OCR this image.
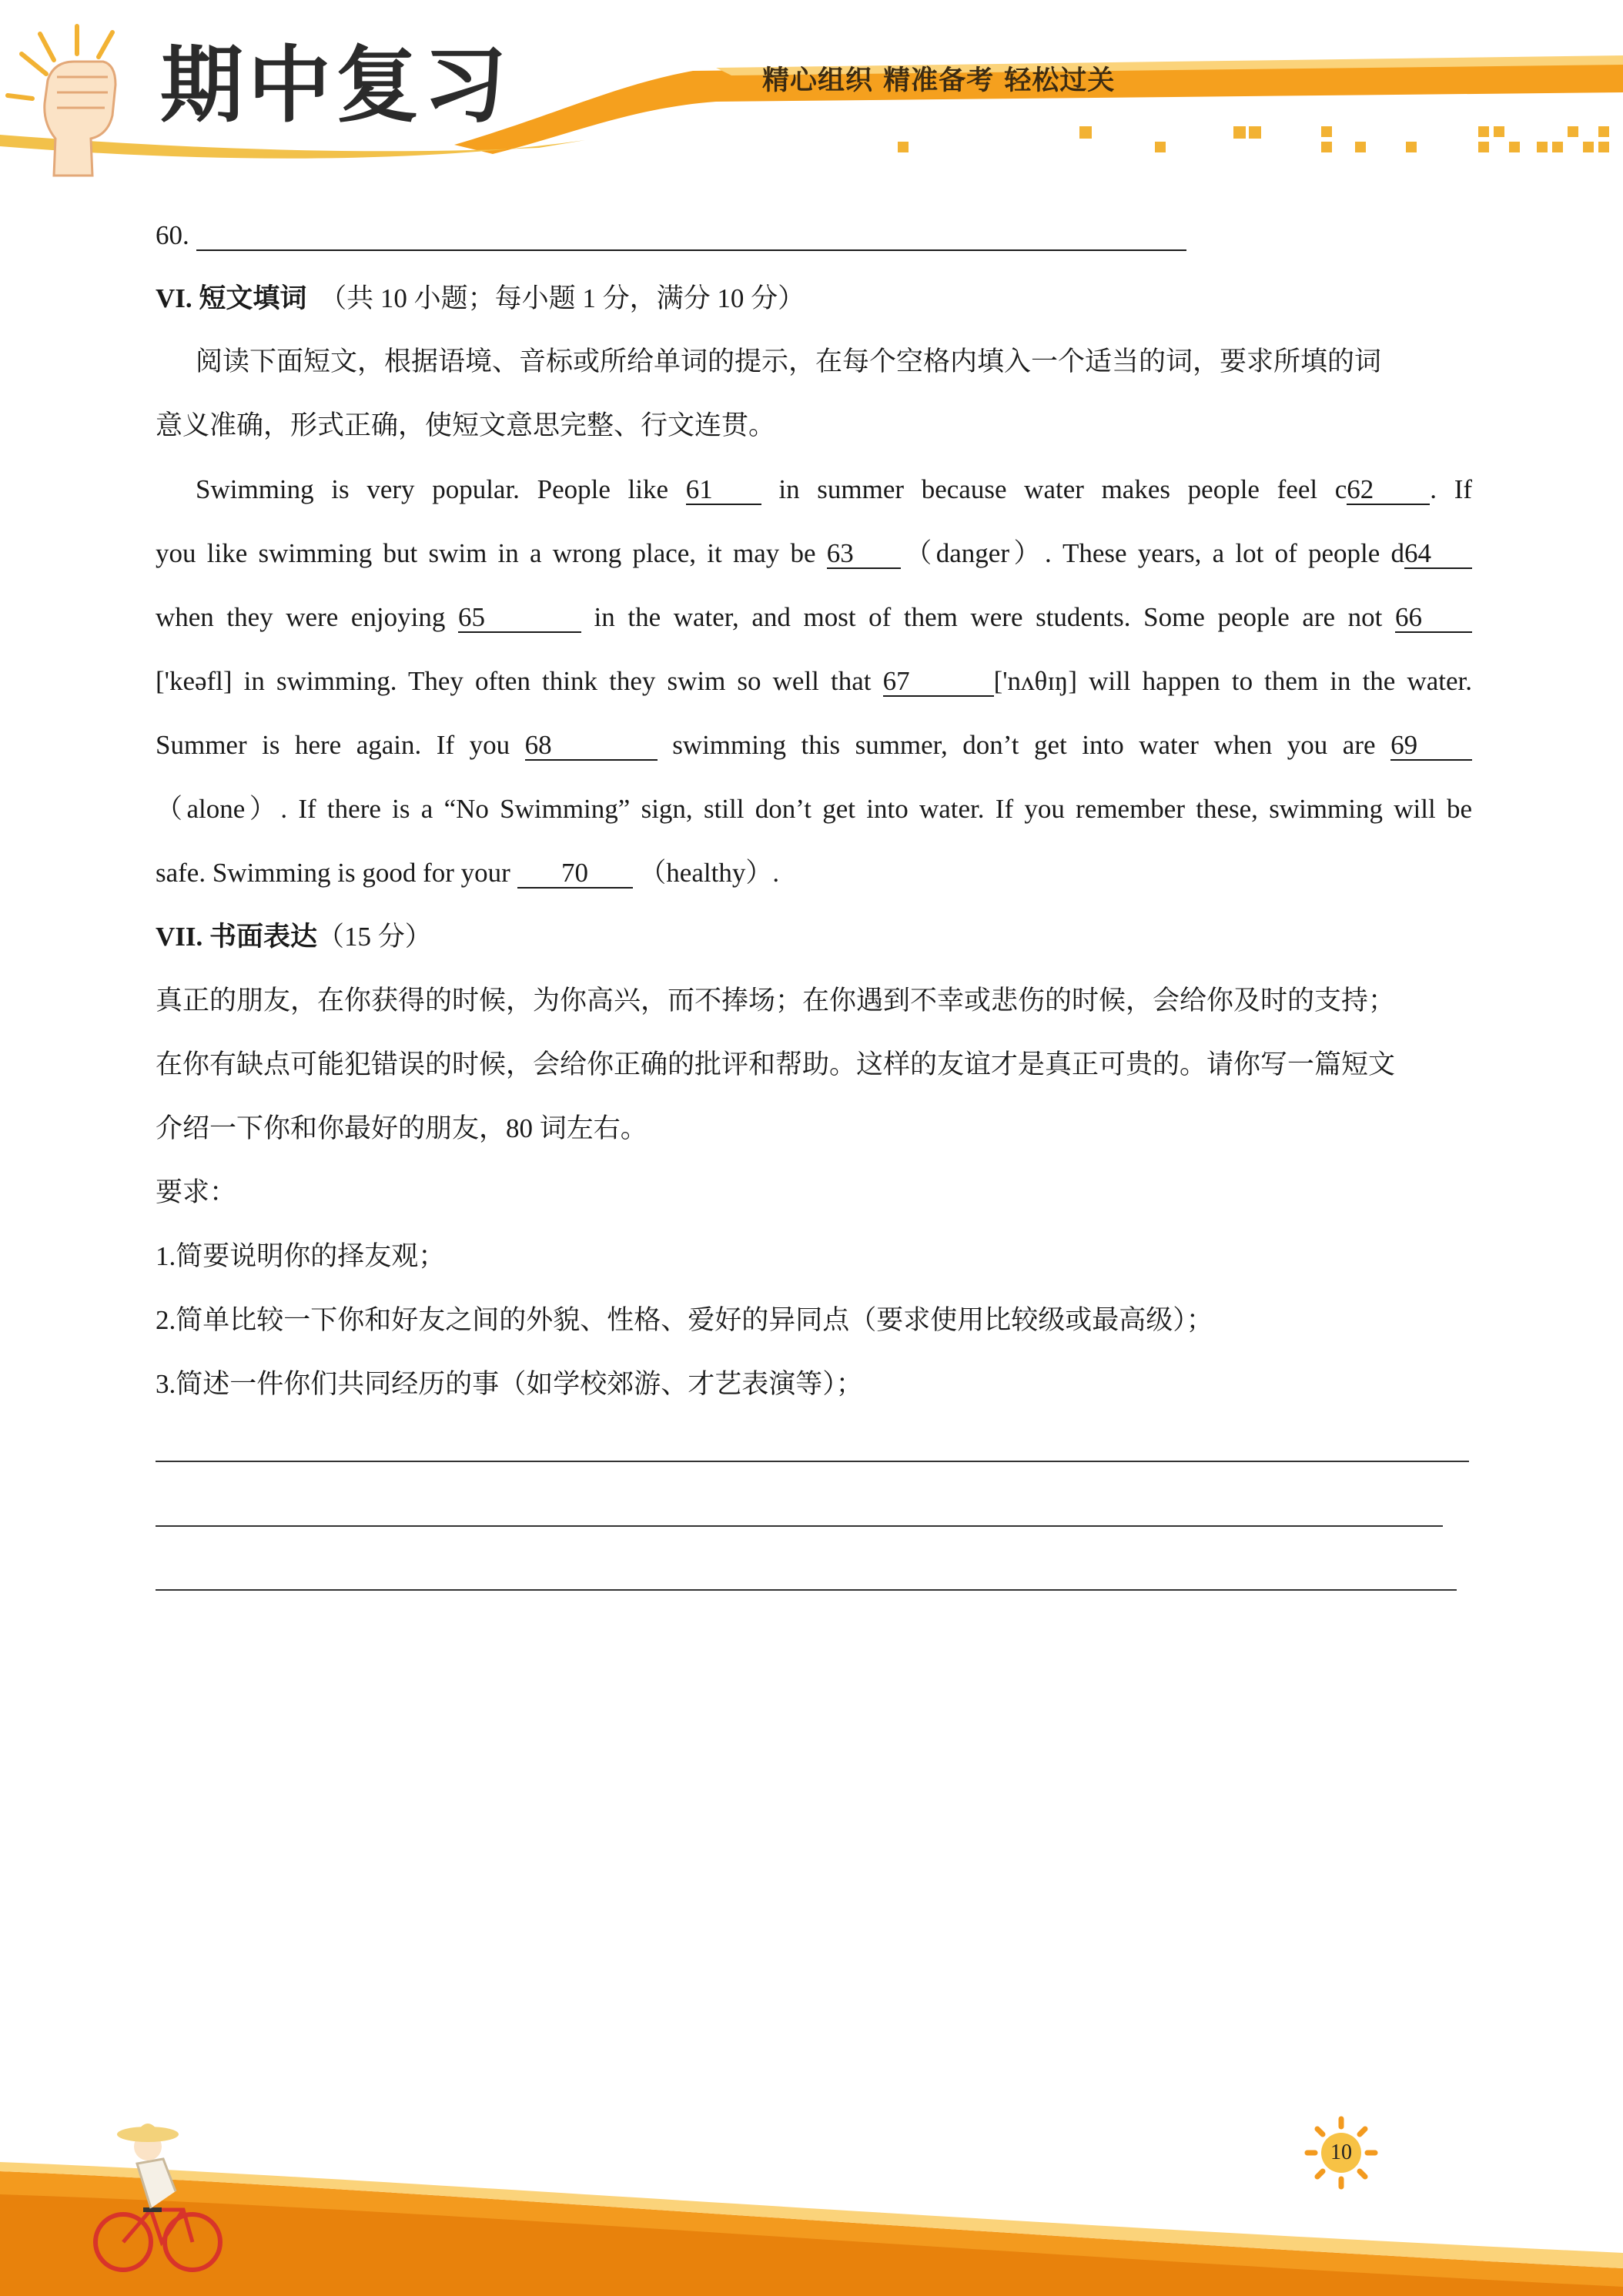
期中复习	精心组织 精准备考 轻松过关
60.
VI. 短文填词 （共 10 小题；每小题 1 分，满分 10 分）
阅读下面短文，根据语境、音标或所给单词的提示，在每个空格内填入一个适当的词，要求所填的词
意义准确，形式正确，使短文意思完整、行文连贯。
Swimming is very popular. People like 61 in summer because water makes people feel c62 . If
you like swimming but swim in a wrong place, it may be 63 （danger）. These years, a lot of people d64
when they were enjoying 65	in the water, and most of them were students. Some people are not 66
['keəfl] in swimming. They often think they swim so well that 67	['nʌθɪŋ] will happen to them in the water.
Summer is here again. If you 68	swimming this summer, don’t get into water when you are 69
（alone）. If there is a “No Swimming” sign, still don’t get into water. If you remember these, swimming will be
safe. Swimming is good for your 70 （healthy）.
VII. 书面表达（15 分）
真正的朋友，在你获得的时候，为你高兴，而不捧场；在你遇到不幸或悲伤的时候，会给你及时的支持；
在你有缺点可能犯错误的时候，会给你正确的批评和帮助。这样的友谊才是真正可贵的。请你写一篇短文
介绍一下你和你最好的朋友，80 词左右。
要求：
1.简要说明你的择友观；
2.简单比较一下你和好友之间的外貌、性格、爱好的异同点（要求使用比较级或最高级）；
3.简述一件你们共同经历的事（如学校郊游、才艺表演等）；
10
